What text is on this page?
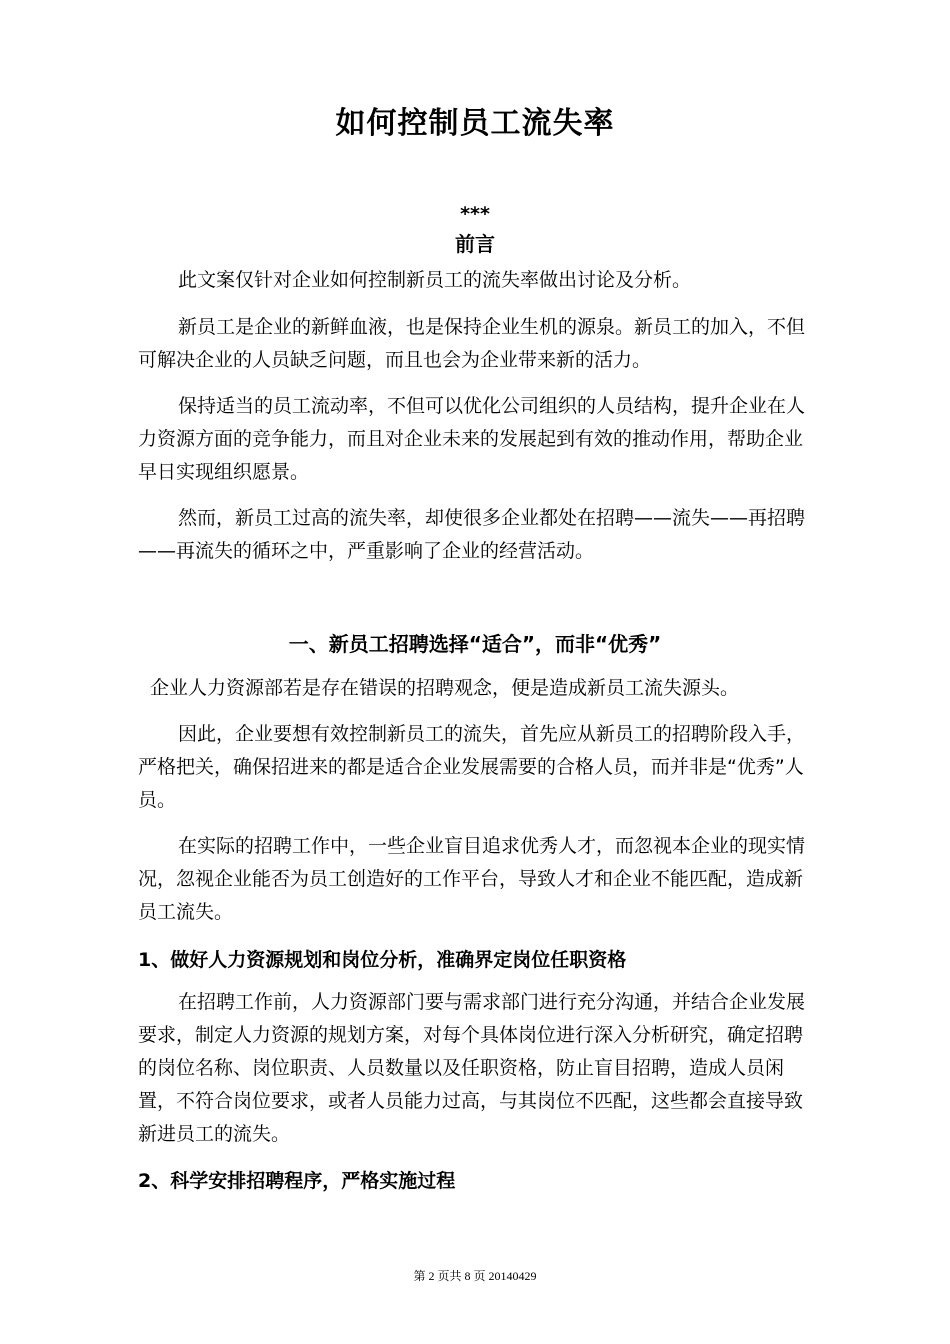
如何控制员工流失率
***
前言

此文案仅针对企业如何控制新员工的流失率做出讨论及分析。

新员工是企业的新鲜血液，也是保持企业生机的源泉。新员工的加入，不但可解决企业的人员缺乏问题，而且也会为企业带来新的活力。

保持适当的员工流动率，不但可以优化公司组织的人员结构，提升企业在人力资源方面的竞争能力，而且对企业未来的发展起到有效的推动作用，帮助企业早日实现组织愿景。

然而，新员工过高的流失率，却使很多企业都处在招聘——流失——再招聘——再流失的循环之中，严重影响了企业的经营活动。

一、新员工招聘选择“适合”，而非“优秀”

企业人力资源部若是存在错误的招聘观念，便是造成新员工流失源头。

因此，企业要想有效控制新员工的流失，首先应从新员工的招聘阶段入手，严格把关，确保招进来的都是适合企业发展需要的合格人员，而并非是“优秀”人员。

在实际的招聘工作中，一些企业盲目追求优秀人才，而忽视本企业的现实情况，忽视企业能否为员工创造好的工作平台，导致人才和企业不能匹配，造成新员工流失。

1、做好人力资源规划和岗位分析，准确界定岗位任职资格

在招聘工作前，人力资源部门要与需求部门进行充分沟通，并结合企业发展要求，制定人力资源的规划方案，对每个具体岗位进行深入分析研究，确定招聘的岗位名称、岗位职责、人员数量以及任职资格，防止盲目招聘，造成人员闲置，不符合岗位要求，或者人员能力过高，与其岗位不匹配，这些都会直接导致新进员工的流失。

2、科学安排招聘程序，严格实施过程
第 2 页共 8 页 20140429
